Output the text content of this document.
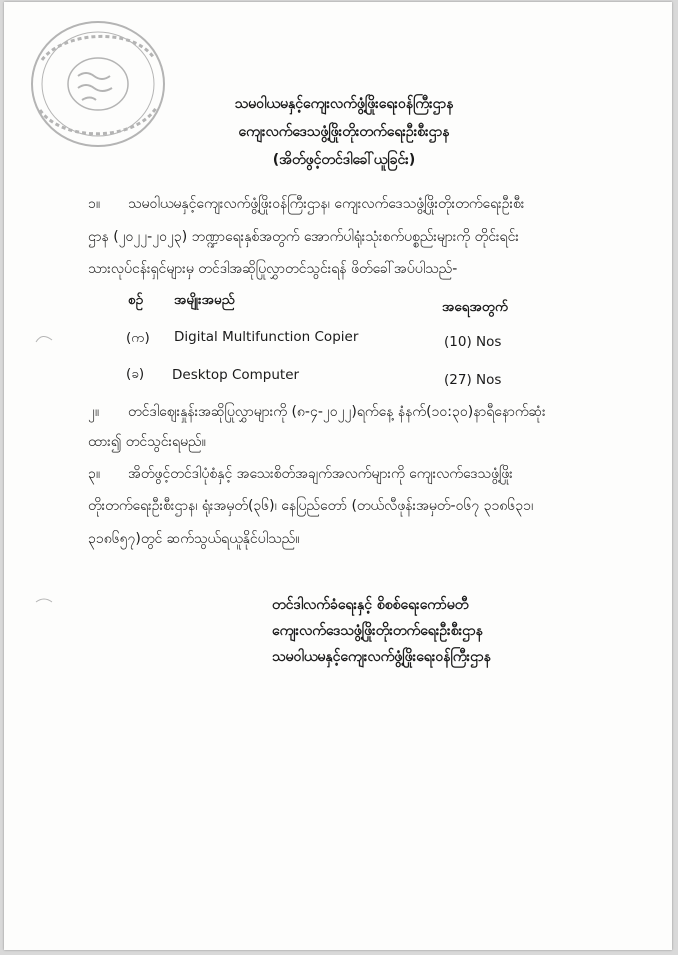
သမဝါယမနှင့်ကျေးလက်ဖွံ့ဖြိုးရေးဝန်ကြီးဌာန
ကျေးလက်ဒေသဖွံ့ဖြိုးတိုးတက်ရေးဦးစီးဌာန
(အိတ်ဖွင့်တင်ဒါခေါ်ယူခြင်း)
၁။ သမဝါယမနှင့်ကျေးလက်ဖွံ့ဖြိုးဝန်ကြီးဌာန၊ ကျေးလက်ဒေသဖွံ့ဖြိုးတိုးတက်ရေးဦးစီး
ဌာန (၂၀၂၂-၂၀၂၃) ဘဏ္ဍာရေးနှစ်အတွက် အောက်ပါရုံးသုံးစက်ပစ္စည်းများကို တိုင်းရင်း
သားလုပ်ငန်းရှင်များမှ တင်ဒါအဆိုပြုလွှာတင်သွင်းရန် ဖိတ်ခေါ်အပ်ပါသည်-
စဉ် အမျိုးအမည်	အရေအတွက်
(က) Digital Multifunction Copier	(10) Nos
(ခ) Desktop Computer	(27) Nos
၂။ တင်ဒါဈေးနှုန်းအဆိုပြုလွှာများကို (၈-၄-၂၀၂၂)ရက်နေ့ နံနက်(၁၀:၃၀)နာရီနောက်ဆုံး
ထား၍ တင်သွင်းရမည်။
၃။ အိတ်ဖွင့်တင်ဒါပုံစံနှင့် အသေးစိတ်အချက်အလက်များကို ကျေးလက်ဒေသဖွံ့ဖြိုး
တိုးတက်ရေးဦးစီးဌာန၊ ရုံးအမှတ်(၃၆)၊ နေပြည်တော် (တယ်လီဖုန်းအမှတ်-၀၆၇ ၃၁၈၆၃၁၊
၃၁၈၆၅၇)တွင် ဆက်သွယ်ရယူနိုင်ပါသည်။
တင်ဒါလက်ခံရေးနှင့် စိစစ်ရေးကော်မတီ
ကျေးလက်ဒေသဖွံ့ဖြိုးတိုးတက်ရေးဦးစီးဌာန
သမဝါယမနှင့်ကျေးလက်ဖွံ့ဖြိုးရေးဝန်ကြီးဌာန
